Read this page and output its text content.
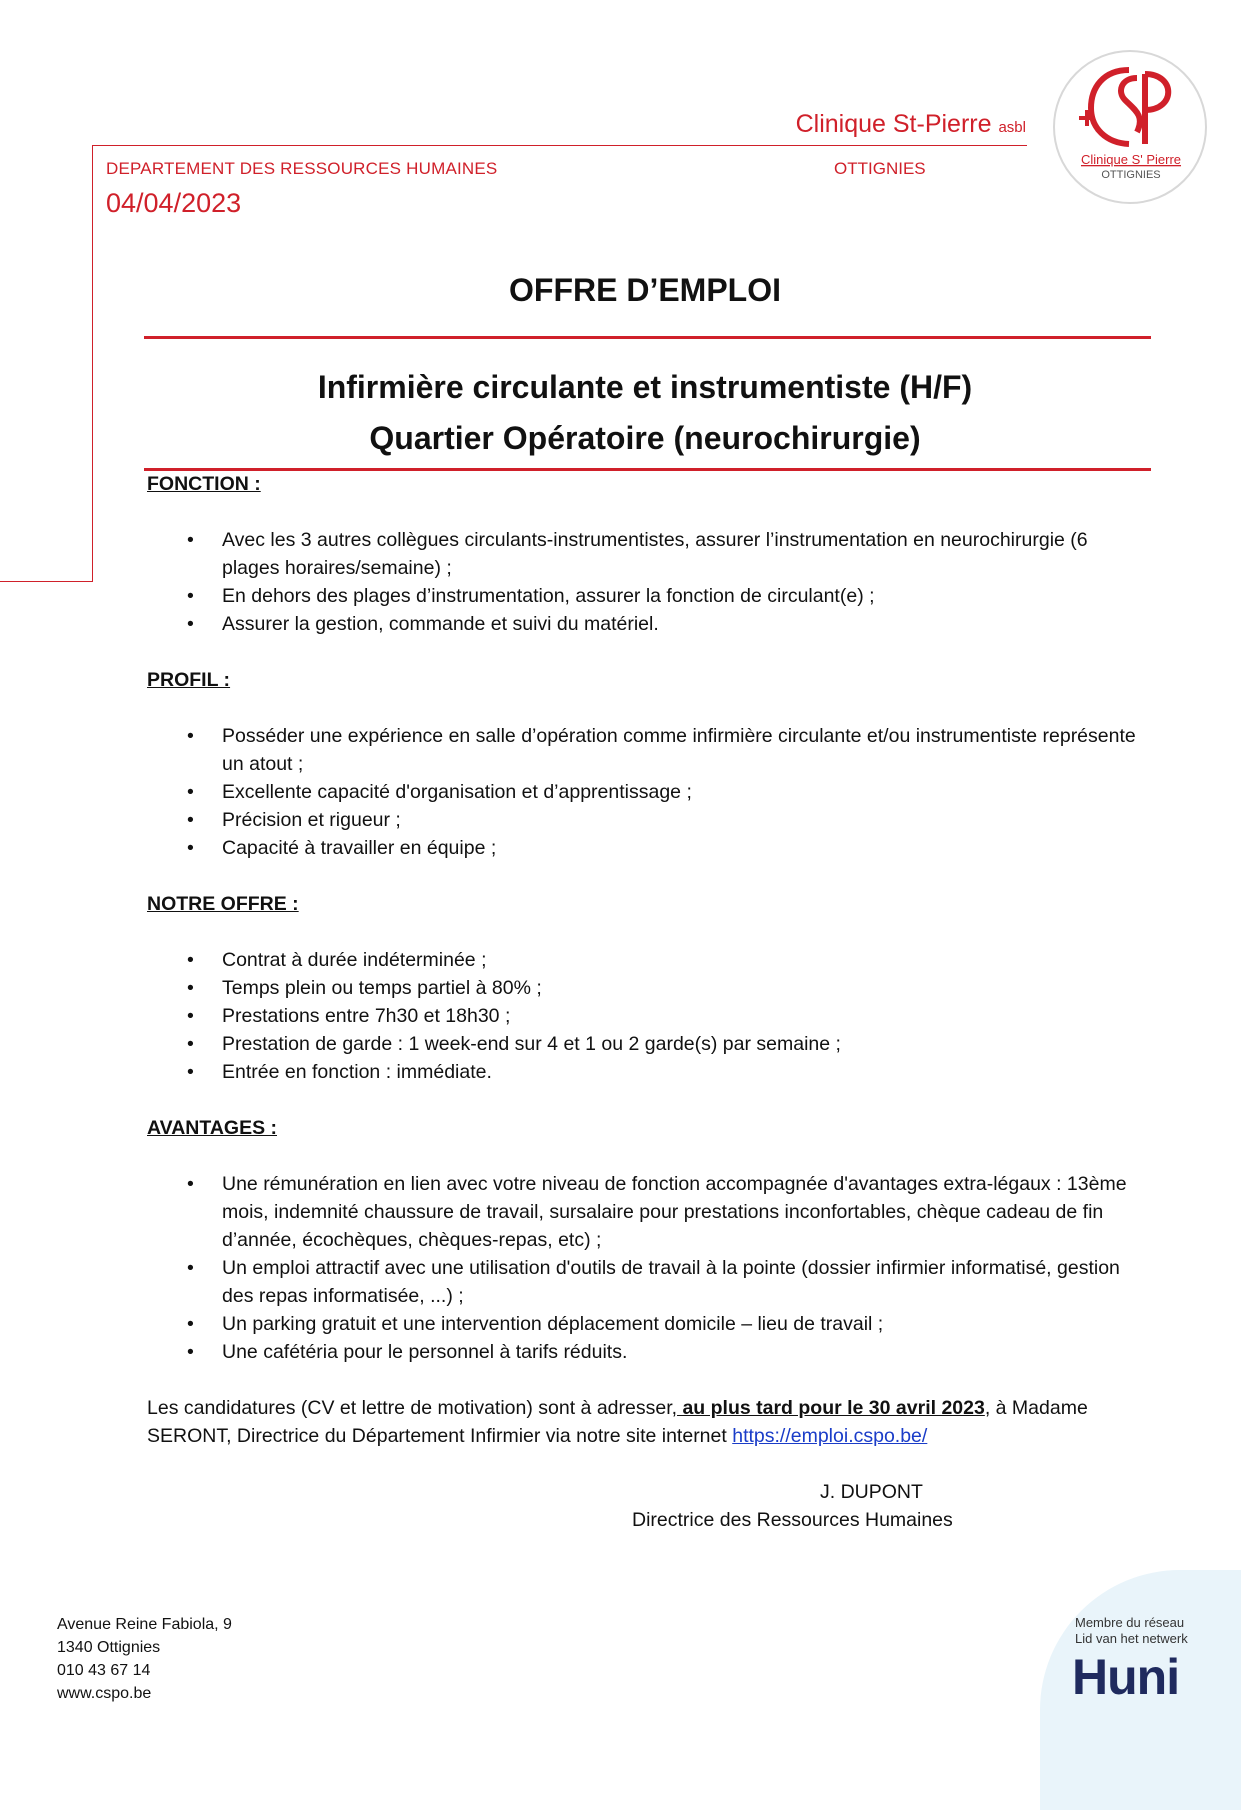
Clinique St-Pierre asbl
DEPARTEMENT DES RESSOURCES HUMAINES	OTTIGNIES
04/04/2023
Clinique S' Pierre
OTTIGNIES
OFFRE D’EMPLOI
Infirmière circulante et instrumentiste (H/F)
Quartier Opératoire (neurochirurgie)
FONCTION :
• Avec les 3 autres collègues circulants-instrumentistes, assurer l’instrumentation en neurochirurgie (6 plages horaires/semaine) ;
• En dehors des plages d’instrumentation, assurer la fonction de circulant(e) ;
• Assurer la gestion, commande et suivi du matériel.
PROFIL :
• Posséder une expérience en salle d’opération comme infirmière circulante et/ou instrumentiste représente un atout ;
• Excellente capacité d'organisation et d’apprentissage ;
• Précision et rigueur ;
• Capacité à travailler en équipe ;
NOTRE OFFRE :
• Contrat à durée indéterminée ;
• Temps plein ou temps partiel à 80% ;
• Prestations entre 7h30 et 18h30 ;
• Prestation de garde : 1 week-end sur 4 et 1 ou 2 garde(s) par semaine ;
• Entrée en fonction : immédiate.
AVANTAGES :
• Une rémunération en lien avec votre niveau de fonction accompagnée d'avantages extra-légaux : 13ème mois, indemnité chaussure de travail, sursalaire pour prestations inconfortables, chèque cadeau de fin d’année, écochèques, chèques-repas, etc) ;
• Un emploi attractif avec une utilisation d'outils de travail à la pointe (dossier infirmier informatisé, gestion des repas informatisée, ...) ;
• Un parking gratuit et une intervention déplacement domicile – lieu de travail ;
• Une cafétéria pour le personnel à tarifs réduits.
Les candidatures (CV et lettre de motivation) sont à adresser, au plus tard pour le 30 avril 2023, à Madame SERONT, Directrice du Département Infirmier via notre site internet https://emploi.cspo.be/
J. DUPONT
Directrice des Ressources Humaines
Avenue Reine Fabiola, 9
1340 Ottignies
010 43 67 14
www.cspo.be
Membre du réseau
Lid van het netwerk
Huni
